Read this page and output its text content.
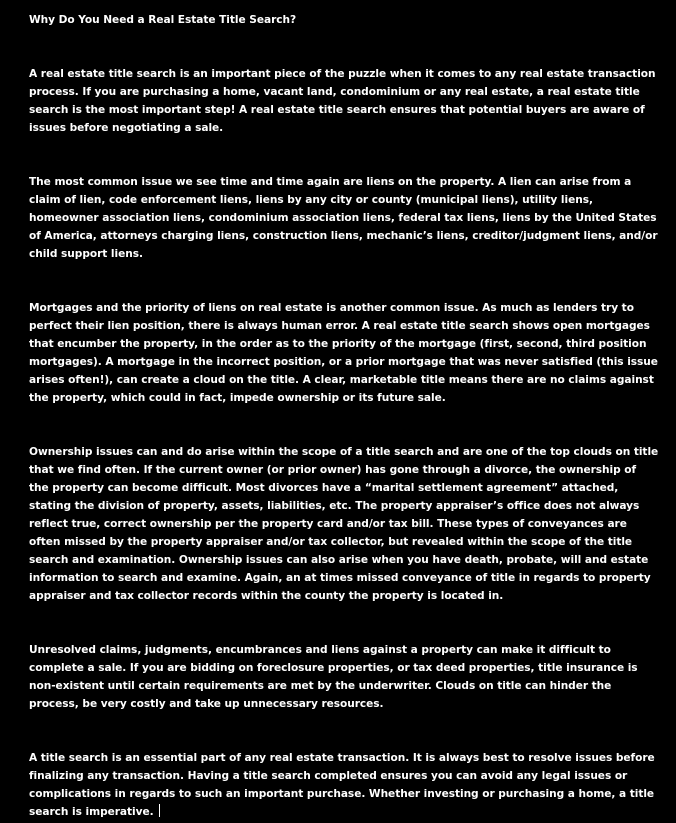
Why Do You Need a Real Estate Title Search?

A real estate title search is an important piece of the puzzle when it comes to any real estate transaction process. If you are purchasing a home, vacant land, condominium or any real estate, a real estate title search is the most important step! A real estate title search ensures that potential buyers are aware of issues before negotiating a sale.

The most common issue we see time and time again are liens on the property. A lien can arise from a claim of lien, code enforcement liens, liens by any city or county (municipal liens), utility liens, homeowner association liens, condominium association liens, federal tax liens, liens by the United States of America, attorneys charging liens, construction liens, mechanic’s liens, creditor/judgment liens, and/or child support liens.

Mortgages and the priority of liens on real estate is another common issue. As much as lenders try to perfect their lien position, there is always human error. A real estate title search shows open mortgages that encumber the property, in the order as to the priority of the mortgage (first, second, third position mortgages). A mortgage in the incorrect position, or a prior mortgage that was never satisfied (this issue arises often!), can create a cloud on the title. A clear, marketable title means there are no claims against the property, which could in fact, impede ownership or its future sale.

Ownership issues can and do arise within the scope of a title search and are one of the top clouds on title that we find often. If the current owner (or prior owner) has gone through a divorce, the ownership of the property can become difficult. Most divorces have a “marital settlement agreement” attached, stating the division of property, assets, liabilities, etc. The property appraiser’s office does not always reflect true, correct ownership per the property card and/or tax bill. These types of conveyances are often missed by the property appraiser and/or tax collector, but revealed within the scope of the title search and examination. Ownership issues can also arise when you have death, probate, will and estate information to search and examine. Again, an at times missed conveyance of title in regards to property appraiser and tax collector records within the county the property is located in.

Unresolved claims, judgments, encumbrances and liens against a property can make it difficult to complete a sale. If you are bidding on foreclosure properties, or tax deed properties, title insurance is non-existent until certain requirements are met by the underwriter. Clouds on title can hinder the process, be very costly and take up unnecessary resources.

A title search is an essential part of any real estate transaction. It is always best to resolve issues before finalizing any transaction. Having a title search completed ensures you can avoid any legal issues or complications in regards to such an important purchase. Whether investing or purchasing a home, a title search is imperative.
